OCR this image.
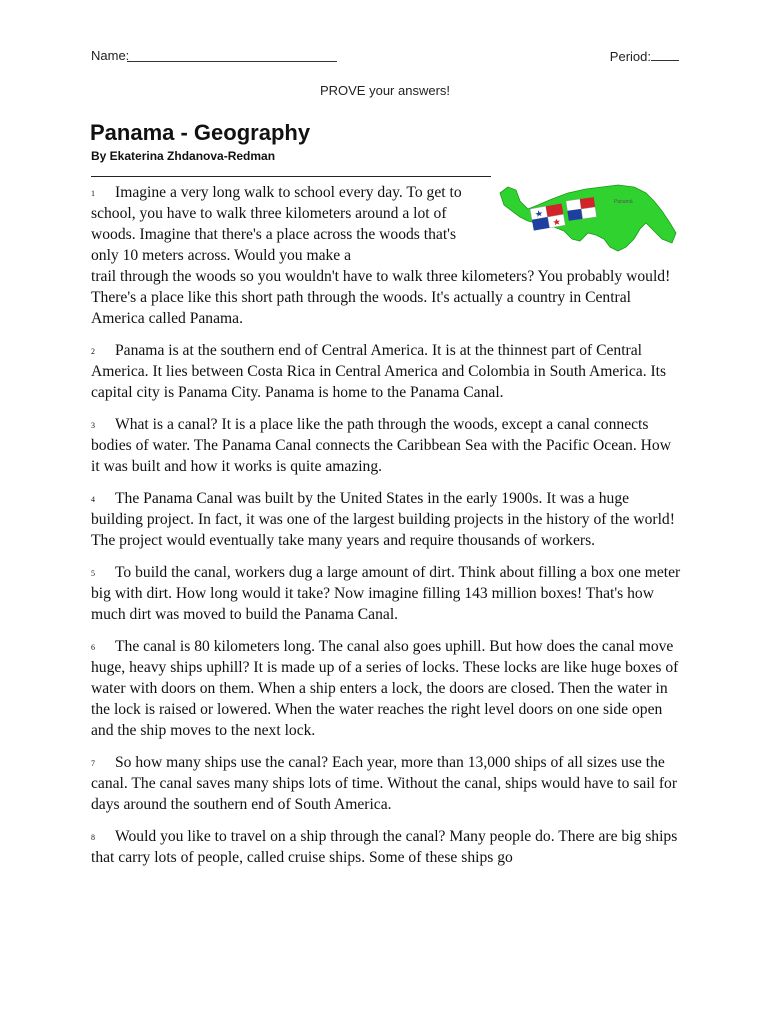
Name:	Period:
PROVE your answers!
Panama - Geography
By Ekaterina Zhdanova-Redman
Panamá

1 Imagine a very long walk to school every day. To get to school, you have to walk three kilometers around a lot of woods. Imagine that there's a place across the woods that's only 10 meters across. Would you make a

trail through the woods so you wouldn't have to walk three kilometers? You probably would! There's a place like this short path through the woods. It's actually a country in Central America called Panama.

2 Panama is at the southern end of Central America. It is at the thinnest part of Central America. It lies between Costa Rica in Central America and Colombia in South America. Its capital city is Panama City. Panama is home to the Panama Canal.

3 What is a canal? It is a place like the path through the woods, except a canal connects bodies of water. The Panama Canal connects the Caribbean Sea with the Pacific Ocean. How it was built and how it works is quite amazing.

4 The Panama Canal was built by the United States in the early 1900s. It was a huge building project. In fact, it was one of the largest building projects in the history of the world! The project would eventually take many years and require thousands of workers.

5 To build the canal, workers dug a large amount of dirt. Think about filling a box one meter big with dirt. How long would it take? Now imagine filling 143 million boxes! That's how much dirt was moved to build the Panama Canal.

6 The canal is 80 kilometers long. The canal also goes uphill. But how does the canal move huge, heavy ships uphill? It is made up of a series of locks. These locks are like huge boxes of water with doors on them. When a ship enters a lock, the doors are closed. Then the water in the lock is raised or lowered. When the water reaches the right level doors on one side open and the ship moves to the next lock.

7 So how many ships use the canal? Each year, more than 13,000 ships of all sizes use the canal. The canal saves many ships lots of time. Without the canal, ships would have to sail for days around the southern end of South America.

8 Would you like to travel on a ship through the canal? Many people do. There are big ships that carry lots of people, called cruise ships. Some of these ships go
